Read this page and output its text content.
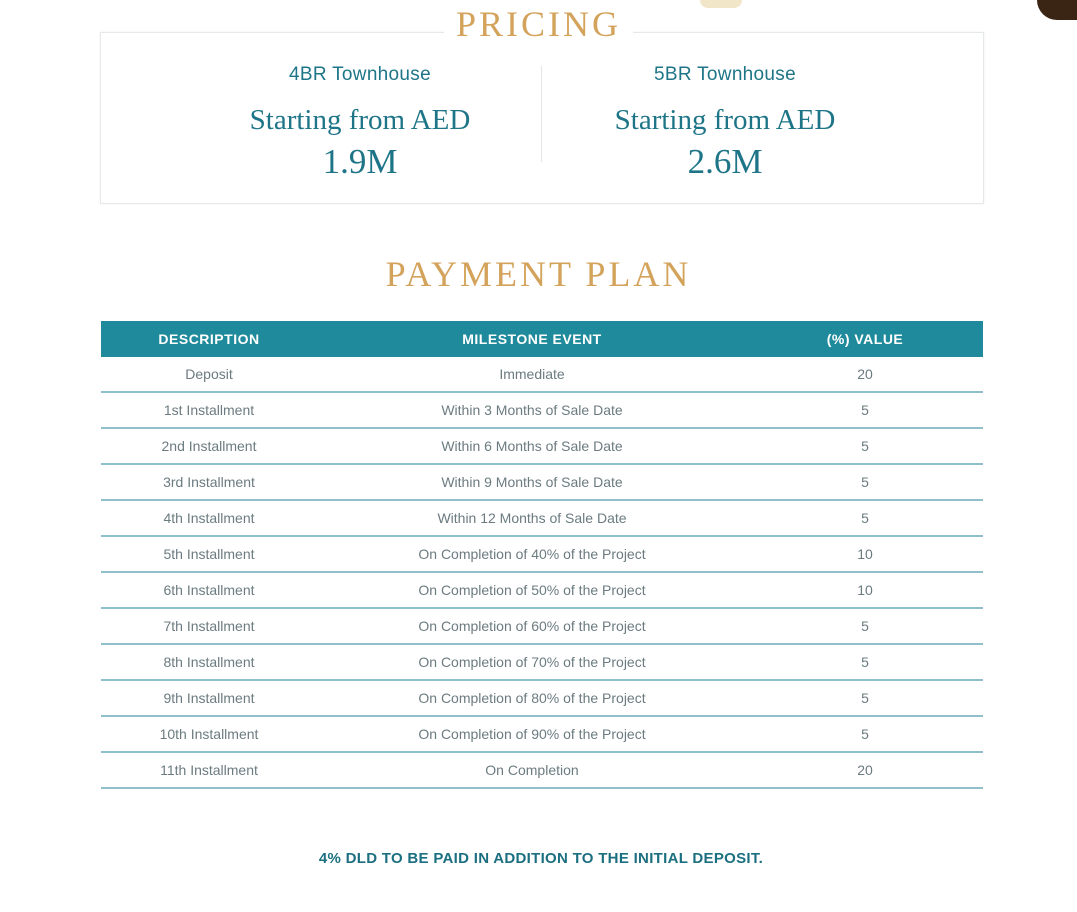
PRICING
4BR Townhouse
Starting from AED
1.9M
5BR Townhouse
Starting from AED
2.6M
PAYMENT PLAN
DESCRIPTION	MILESTONE EVENT	(%) VALUE
Deposit	Immediate	20
1st Installment	Within 3 Months of Sale Date	5
2nd Installment	Within 6 Months of Sale Date	5
3rd Installment	Within 9 Months of Sale Date	5
4th Installment	Within 12 Months of Sale Date	5
5th Installment	On Completion of 40% of the Project	10
6th Installment	On Completion of 50% of the Project	10
7th Installment	On Completion of 60% of the Project	5
8th Installment	On Completion of 70% of the Project	5
9th Installment	On Completion of 80% of the Project	5
10th Installment	On Completion of 90% of the Project	5
11th Installment	On Completion	20
4% DLD TO BE PAID IN ADDITION TO THE INITIAL DEPOSIT.
